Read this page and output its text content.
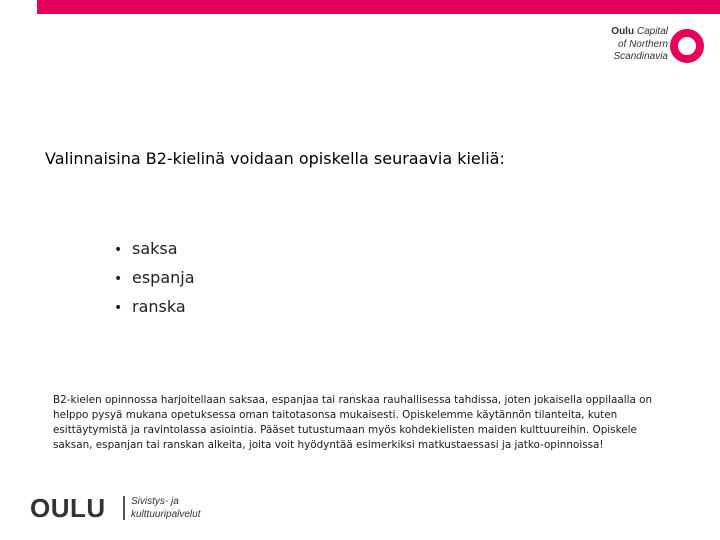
Oulu Capital
of Northern
Scandinavia
Valinnaisina B2-kielinä voidaan opiskella seuraavia kieliä:
• saksa
• espanja
• ranska

B2-kielen opinnossa harjoitellaan saksaa, espanjaa tai ranskaa rauhallisessa tahdissa, joten jokaisella oppilaalla on helppo pysyä mukana opetuksessa oman taitotasonsa mukaisesti. Opiskelemme käytännön tilanteita, kuten esittäytymistä ja ravintolassa asiointia. Pääset tutustumaan myös kohdekielisten maiden kulttuureihin. Opiskele saksan, espanjan tai ranskan alkeita, joita voit hyödyntää esimerkiksi matkustaessasi ja jatko-opinnoissa!

OULU	Sivistys- ja
kulttuuripalvelut
